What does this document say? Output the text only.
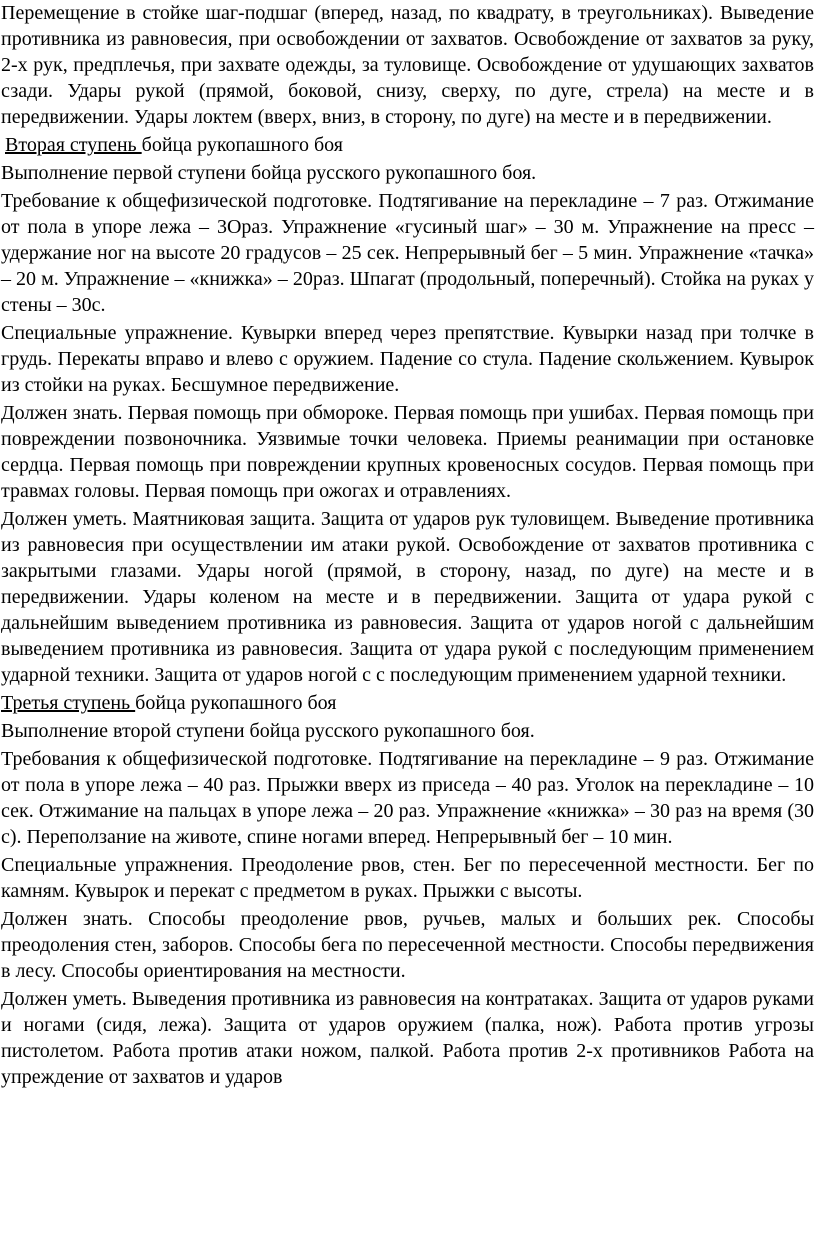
Перемещение в стойке шаг-подшаг (вперед, назад, по квадрату, в треугольниках). Выведение противника из равновесия, при освобождении от захватов. Освобождение от захватов за руку, 2-х рук, предплечья, при захвате одежды, за туловище. Освобождение от удушающих захватов сзади. Удары рукой (прямой, боковой, снизу, сверху, по дуге, стрела) на месте и в передвижении. Удары локтем (вверх, вниз, в сторону, по дуге) на месте и в передвижении.

Вторая ступень бойца рукопашного боя

Выполнение первой ступени бойца русского рукопашного боя.

Требование к общефизической подготовке. Подтягивание на перекладине – 7 раз. Отжимание от пола в упоре лежа – 3Ораз. Упражнение «гусиный шаг» – 30 м. Упражнение на пресс – удержание ног на высоте 20 градусов – 25 сек. Непрерывный бег – 5 мин. Упражнение «тачка» – 20 м. Упражнение – «книжка» – 20раз. Шпагат (продольный, поперечный). Стойка на руках у стены – 30с.

Специальные упражнение. Кувырки вперед через препятствие. Кувырки назад при толчке в грудь. Перекаты вправо и влево с оружием. Падение со стула. Падение скольжением. Кувырок из стойки на руках. Бесшумное передвижение.

Должен знать. Первая помощь при обмороке. Первая помощь при ушибах. Первая помощь при повреждении позвоночника. Уязвимые точки человека. Приемы реанимации при остановке сердца. Первая помощь при повреждении крупных кровеносных сосудов. Первая помощь при травмах головы. Первая помощь при ожогах и отравлениях.

Должен уметь. Маятниковая защита. Защита от ударов рук туловищем. Выведение противника из равновесия при осуществлении им атаки рукой. Освобождение от захватов противника с закрытыми глазами. Удары ногой (прямой, в сторону, назад, по дуге) на месте и в передвижении. Удары коленом на месте и в передвижении. Защита от удара рукой с дальнейшим выведением противника из равновесия. Защита от ударов ногой с дальнейшим выведением противника из равновесия. Защита от удара рукой с последующим применением ударной техники. Защита от ударов ногой с с последующим применением ударной техники.

Третья ступень бойца рукопашного боя

Выполнение второй ступени бойца русского рукопашного боя.

Требования к общефизической подготовке. Подтягивание на перекладине – 9 раз. Отжимание от пола в упоре лежа – 40 раз. Прыжки вверх из приседа – 40 раз. Уголок на перекладине – 10 сек. Отжимание на пальцах в упоре лежа – 20 раз. Упражнение «книжка» – 30 раз на время (30 с). Переползание на животе, спине ногами вперед. Непрерывный бег – 10 мин.

Специальные упражнения. Преодоление рвов, стен. Бег по пересеченной местности. Бег по камням. Кувырок и перекат с предметом в руках. Прыжки с высоты.

Должен знать. Способы преодоление рвов, ручьев, малых и больших рек. Способы преодоления стен, заборов. Способы бега по пересеченной местности. Способы передвижения в лесу. Способы ориентирования на местности.

Должен уметь. Выведения противника из равновесия на контратаках. Защита от ударов руками и ногами (сидя, лежа). Защита от ударов оружием (палка, нож). Работа против угрозы пистолетом. Работа против атаки ножом, палкой. Работа против 2-х противников Работа на упреждение от захватов и ударов
